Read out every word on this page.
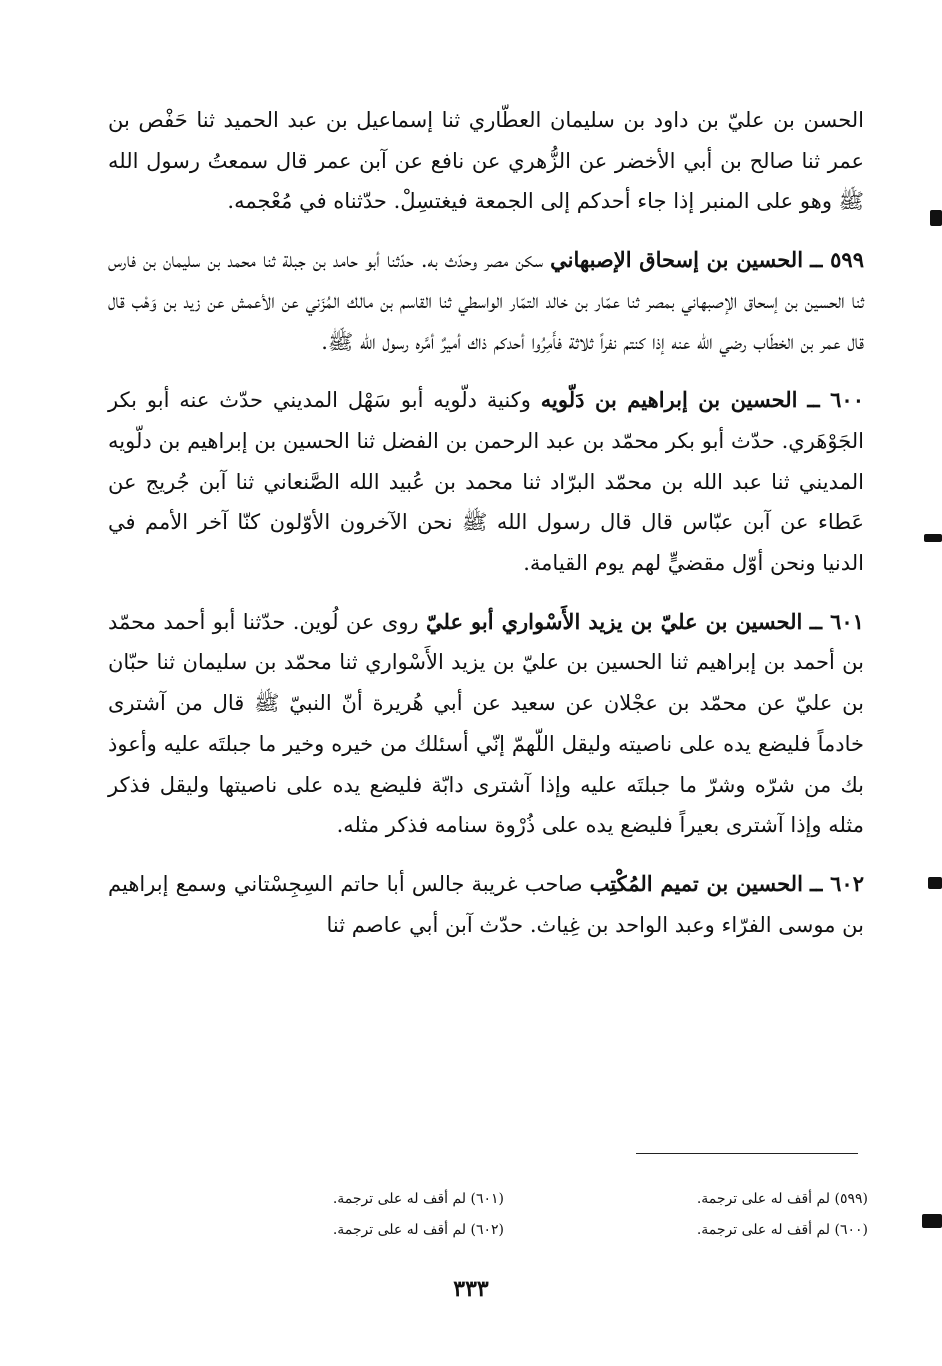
الحسن بن عليّ بن داود بن سليمان العطّاري ثنا إسماعيل بن عبد الحميد ثنا حَفْص بن عمر ثنا صالح بن أبي الأخضر عن الزُّهري عن نافع عن آبن عمر قال سمعتُ رسول الله ﷺ وهو على المنبر إذا جاء أحدكم إلى الجمعة فيغتسِلْ. حدّثناه في مُعْجمه.

٥٩٩ ــ الحسين بن إسحاق الإصبهاني سكن مصر وحدّث به. حدّثنا أبو حامد بن جبلة ثنا محمد بن سليمان بن فارس ثنا الحسين بن إسحاق الإصبهاني بمصر ثنا عمّار بن خالد التمّار الواسطي ثنا القاسم بن مالك المُزَني عن الأعمش عن زيد بن وَهْب قال قال عمر بن الخطّاب رضي الله عنه إذا كنتم نفراً ثلاثة فأَمِرُوا أحدكم ذاك أميرٌ أمَّره رسول الله ﷺ.

٦٠٠ ــ الحسين بن إبراهيم بن دَلّويه وكنية دلّويه أبو سَهْل المديني حدّث عنه أبو بكر الجَوْهَري. حدّث أبو بكر محمّد بن عبد الرحمن بن الفضل ثنا الحسين بن إبراهيم بن دلّويه المديني ثنا عبد الله بن محمّد البرّاد ثنا محمد بن عُبيد الله الصَّنعاني ثنا آبن جُريج عن عَطاء عن آبن عبّاس قال قال رسول الله ﷺ نحن الآخرون الأوّلون كنّا آخر الأمم في الدنيا ونحن أوّل مقضيٍّ لهم يوم القيامة.

٦٠١ ــ الحسين بن عليّ بن يزيد الأَسْواري أبو عليّ روى عن لُوين. حدّثنا أبو أحمد محمّد بن أحمد بن إبراهيم ثنا الحسين بن عليّ بن يزيد الأَسْواري ثنا محمّد بن سليمان ثنا حبّان بن عليّ عن محمّد بن عجْلان عن سعيد عن أبي هُريرة أنّ النبيّ ﷺ قال من آشترى خادماً فليضع يده على ناصيته وليقل اللّهمّ إنّي أسئلك من خيره وخير ما جبلتَه عليه وأعوذ بك من شرّه وشرّ ما جبلتَه عليه وإذا آشترى دابّة فليضع يده على ناصيتها وليقل فذكر مثله وإذا آشترى بعيراً فليضع يده على ذُرْوة سنامه فذكر مثله.

٦٠٢ ــ الحسين بن تميم المُكْتِب صاحب غريبة جالس أبا حاتم السِجِسْتاني وسمع إبراهيم بن موسى الفرّاء وعبد الواحد بن غِياث. حدّث آبن أبي عاصم ثنا

(٥٩٩) لم أقف له على ترجمة.
(٦٠٠) لم أقف له على ترجمة.
(٦٠١) لم أقف له على ترجمة.
(٦٠٢) لم أقف له على ترجمة.
٣٣٣
